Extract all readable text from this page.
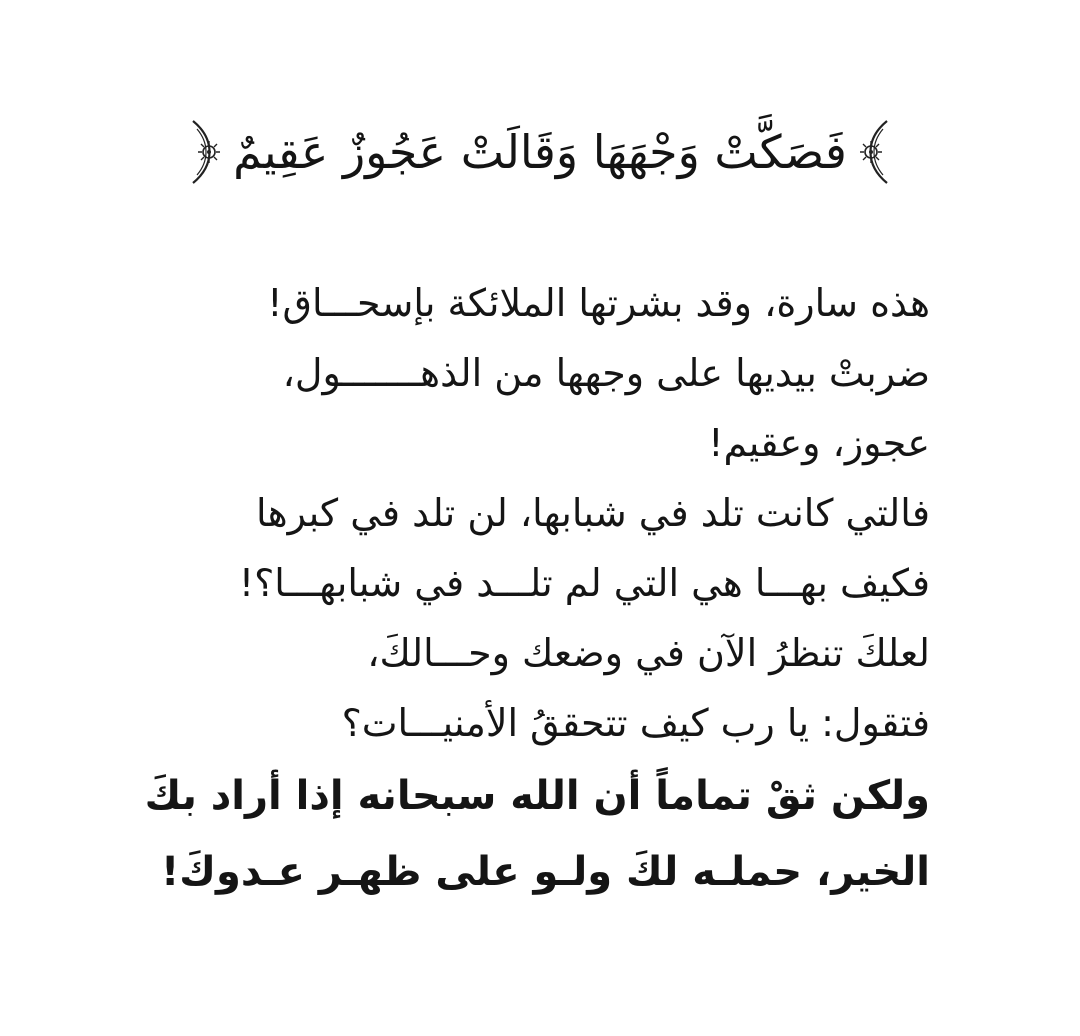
فَصَكَّتْ وَجْهَهَا وَقَالَتْ عَجُوزٌ عَقِيمٌ
هذه سارة، وقد بشرتها الملائكة بإسحـــاق!
ضربتْ بيديها على وجهها من الذهـــــــول،
عجوز، وعقيم!
فالتي كانت تلد في شبابها، لن تلد في كبرها
فكيف بهـــا هي التي لم تلـــد في شبابهـــا؟!
لعلكَ تنظرُ الآن في وضعك وحـــالكَ،
فتقول: يا رب كيف تتحققُ الأمنيـــات؟
ولكن ثقْ تماماً أن الله سبحانه إذا أراد بكَ
الخير، حملـه لكَ ولـو على ظهـر عـدوكَ!
